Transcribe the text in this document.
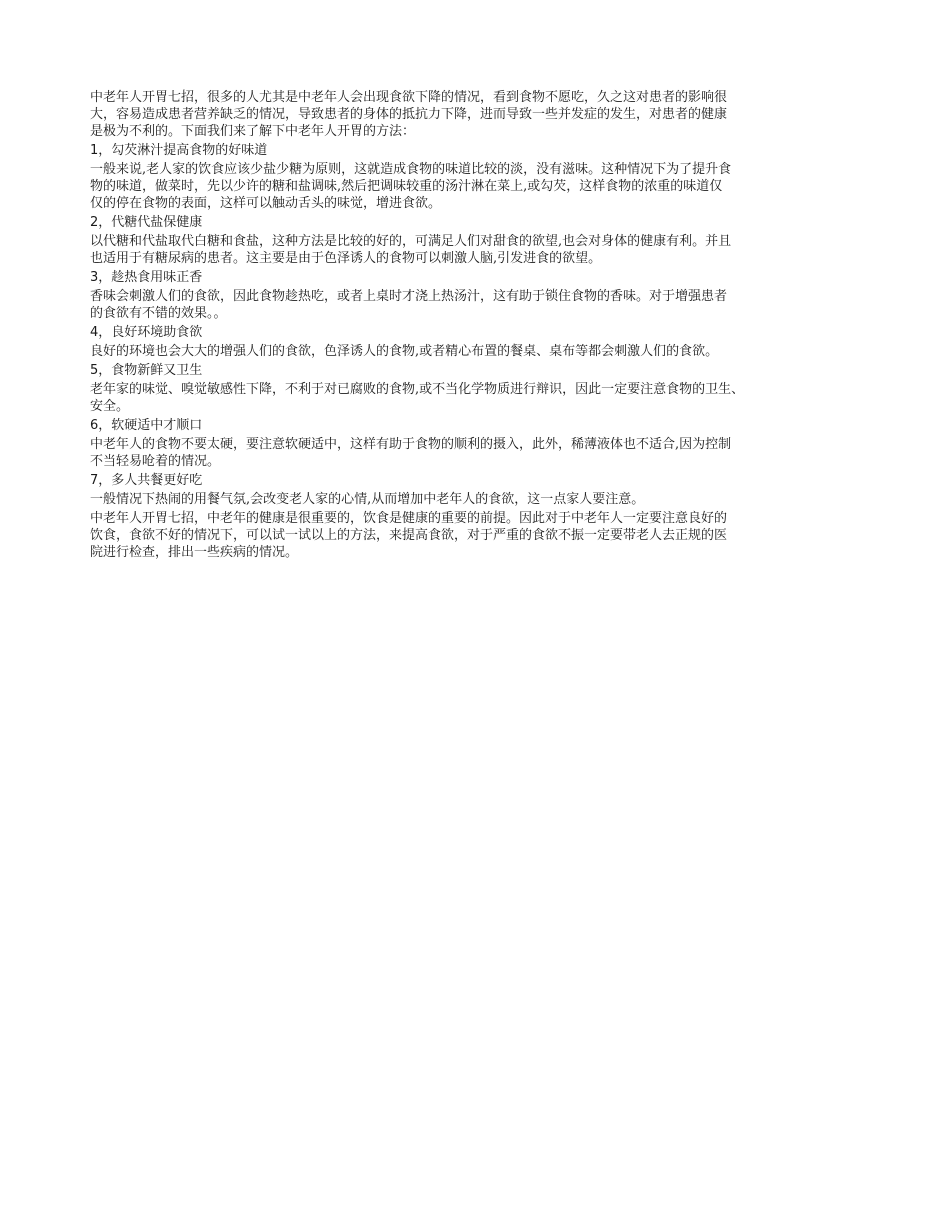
中老年人开胃七招，很多的人尤其是中老年人会出现食欲下降的情况，看到食物不愿吃，久之这对患者的影响很
大，容易造成患者营养缺乏的情况，导致患者的身体的抵抗力下降，进而导致一些并发症的发生，对患者的健康
是极为不利的。下面我们来了解下中老年人开胃的方法：

1，勾芡淋汁提高食物的好味道

一般来说,老人家的饮食应该少盐少糖为原则，这就造成食物的味道比较的淡，没有滋味。这种情况下为了提升食
物的味道，做菜时，先以少许的糖和盐调味,然后把调味较重的汤汁淋在菜上,或勾芡，这样食物的浓重的味道仅
仅的停在食物的表面，这样可以触动舌头的味觉，增进食欲。

2，代糖代盐保健康

以代糖和代盐取代白糖和食盐，这种方法是比较的好的，可满足人们对甜食的欲望,也会对身体的健康有利。并且
也适用于有糖尿病的患者。这主要是由于色泽诱人的食物可以刺激人脑,引发进食的欲望。

3，趁热食用味正香

香味会刺激人们的食欲，因此食物趁热吃，或者上桌时才浇上热汤汁，这有助于锁住食物的香味。对于增强患者
的食欲有不错的效果。。

4，良好环境助食欲

良好的环境也会大大的增强人们的食欲，色泽诱人的食物,或者精心布置的餐桌、桌布等都会刺激人们的食欲。

5，食物新鲜又卫生

老年家的味觉、嗅觉敏感性下降，不利于对已腐败的食物,或不当化学物质进行辩识，因此一定要注意食物的卫生、
安全。

6，软硬适中才顺口

中老年人的食物不要太硬，要注意软硬适中，这样有助于食物的顺利的摄入，此外，稀薄液体也不适合,因为控制
不当轻易呛着的情况。

7，多人共餐更好吃

一般情况下热闹的用餐气氛,会改变老人家的心情,从而增加中老年人的食欲，这一点家人要注意。

中老年人开胃七招，中老年的健康是很重要的，饮食是健康的重要的前提。因此对于中老年人一定要注意良好的
饮食，食欲不好的情况下，可以试一试以上的方法，来提高食欲，对于严重的食欲不振一定要带老人去正规的医
院进行检查，排出一些疾病的情况。
